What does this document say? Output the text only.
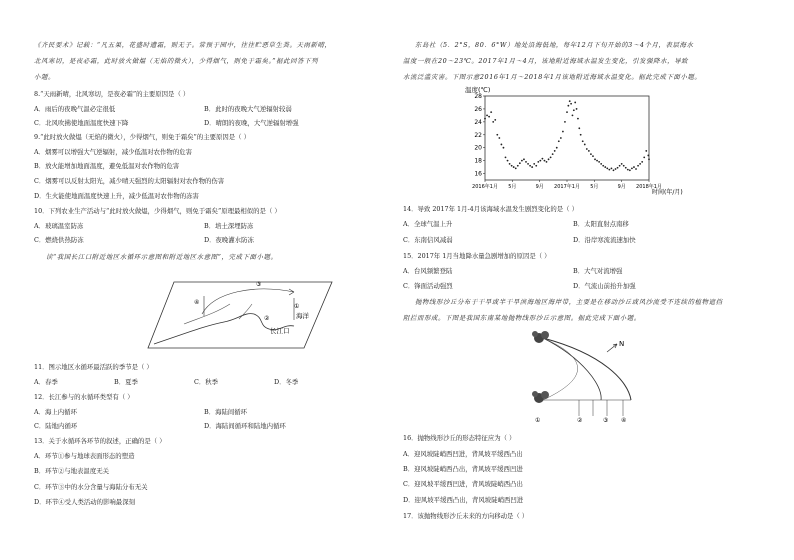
《齐民要术》记载：“凡五果，花盛时遭霜，则无子。常预于园中，往往贮恶草生粪。天雨新晴，
北风寒切，是夜必霜，此时放火做煴（无焰的微火），少得烟气，则免于霜矣。”据此回答下列
小题。
8.“天雨新晴，北风寒切，是夜必霜”的主要原因是（ ）
A．雨后的夜晚气温必定很低	B．此时的夜晚大气逆辐射较弱
C．北风吹拂使地面温度快速下降	D．晴朗的夜晚，大气逆辐射增强
9.“此时放火做煴（无焰的微火），少得烟气，则免于霜矣”的主要原因是（ ）
A．烟雾可以增强大气逆辐射，减少低温对农作物的危害
B．放火能增加地面温度，避免低温对农作物的危害
C．烟雾可以反射太阳光，减少晴天强烈的太阳辐射对农作物的伤害
D．生火能使地面温度快速上升，减少低温对农作物的冻害
10．下列农业生产活动与“此时放火做煴，少得烟气，则免于霜矣”原理最相似的是（ ）
A．玻璃温室防冻	B．培土深埋防冻
C．燃烧供热防冻	D．夜晚灌水防冻
读“我国长江口附近地区水循环示意图和附近地区水意图”，完成下面小题。
③
④
②
①
海洋
长江口
11．图示地区水循环最活跃的季节是（ ）
A．春季	B．夏季	C．秋季	D．冬季
12．长江参与的水循环类型有（ ）
A．海上内循环	B．海陆间循环
C．陆地内循环	D．海陆间循环和陆地内循环
13．关于水循环各环节的叙述，正确的是（ ）
A．环节①参与地球表面形态的塑造
B．环节②与地表温度无关
C．环节③中的水分含量与海陆分布无关
D．环节④受人类活动的影响最深刻
东岛社（5．2°S，80．6°W）地处沿海低地，每年12月下旬开始的3～4个月，表层海水
温度一般在20～23℃。2017年1月～4月，该地附近海域水温发生变化，引发强降水，导致
水流泛滥灾害。下图示意2016年1月～2018年1月该地附近海域水温变化。据此完成下面小题。
16
18
20
22
24
26
28
2016年1月 5月	9月 2017年1月 5月	9月 2018年1月
温度(℃)
时间(年/月)
14．导致 2017年 1月-4月该海域水温发生剧烈变化的是（ ）
A．全球气温上升	B．太阳直射点南移
C．东南信风减弱	D．沿岸寒流流速加快
15．2017年 1月当地降水量急剧增加的原因是（ ）
A．台风频繁登陆	B．大气对流增强
C．锋面活动强烈	D．气流山前抬升加强
抛物线形沙丘分布于干旱或半干旱滨海地区海岸带，主要是在移动沙丘或风沙流受不连续的植物遮挡
阻拦而形成。下图是我国东南某地抛物线形沙丘示意图。据此完成下面小题。
N
①	②	③ ④
16．抛物线形沙丘的形态特征应为（ ）
A．迎风坡陡峭西凹进，背风坡平缓西凸出
B．迎风坡陡峭西凸出，背风坡平缓西凹进
C．迎风坡平缓西凹进，背风坡陡峭西凸出
D．迎风坡平缓西凸出，背风坡陡峭西凹进
17．该抛物线形沙丘未来的方向移动是（ ）
